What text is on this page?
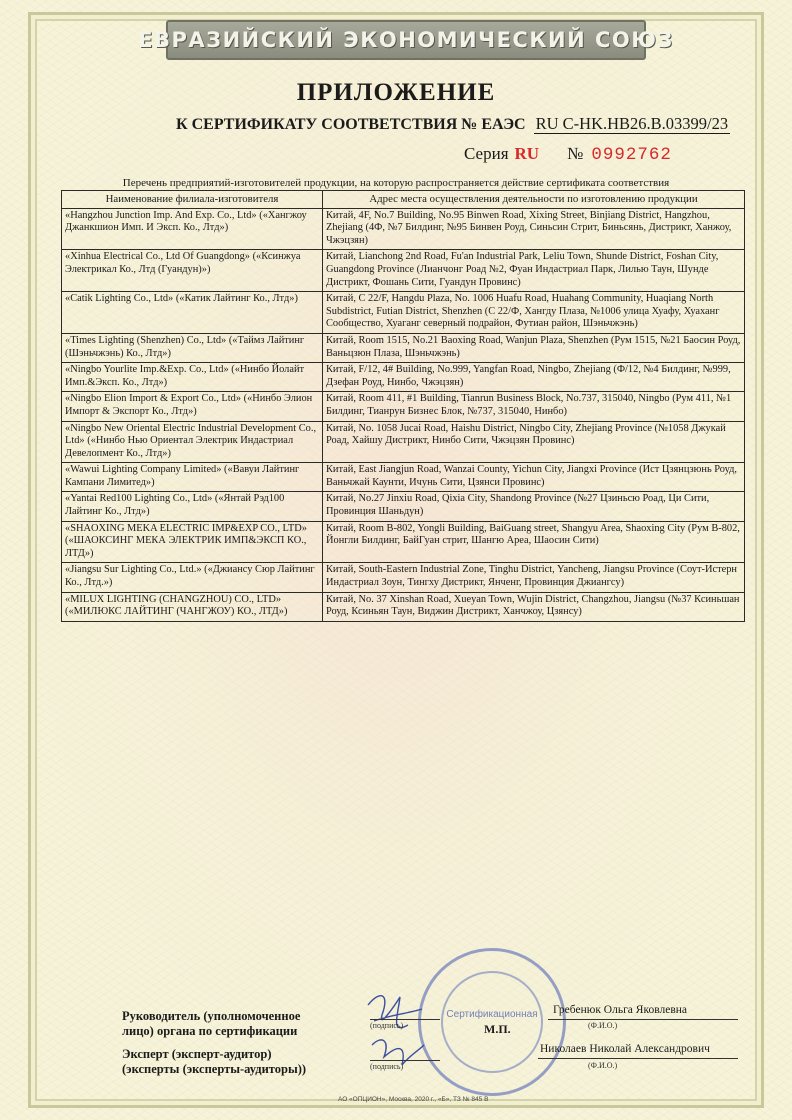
ЕВРАЗИЙСКИЙ ЭКОНОМИЧЕСКИЙ СОЮЗ
ПРИЛОЖЕНИЕ
К СЕРТИФИКАТУ СООТВЕТСТВИЯ № ЕАЭС RU C-HK.HB26.B.03399/23
Серия RU № 0992762
Перечень предприятий-изготовителей продукции, на которую распространяется действие сертификата соответствия
Наименование филиала-изготовителя	Адрес места осуществления деятельности по изготовлению продукции
«Hangzhou Junction Imp. And Exp. Co., Ltd» («Хангжоу Джанкшион Имп. И Эксп. Ко., Лтд»)	Китай, 4F, No.7 Building, No.95 Binwen Road, Xixing Street, Binjiang District, Hangzhou, Zhejiang (4Ф, №7 Билдинг, №95 Бинвен Роуд, Синьсин Стрит, Биньсянь, Дистрикт, Ханжоу, Чжэцзян)
«Xinhua Electrical Co., Ltd Of Guangdong» («Ксинжуа Электрикал Ко., Лтд (Гуандун)»)	Китай, Lianchong 2nd Road, Fu'an Industrial Park, Leliu Town, Shunde District, Foshan City, Guangdong Province (Лианчонг Роад №2, Фуан Индастриал Парк, Лилью Таун, Шунде Дистрикт, Фошань Сити, Гуандун Провинс)
«Catik Lighting Co., Ltd» («Катик Лайтинг Ко., Лтд»)	Китай, C 22/F, Hangdu Plaza, No. 1006 Huafu Road, Huahang Community, Huaqiang North Subdistrict, Futian District, Shenzhen (С 22/Ф, Хангду Плаза, №1006 улица Хуафу, Хуаханг Сообщество, Хуаганг северный подрайон, Футиан район, Шэньчжэнь)
«Times Lighting (Shenzhen) Co., Ltd» («Таймз Лайтинг (Шэньчжэнь) Ко., Лтд»)	Китай, Room 1515, No.21 Baoxing Road, Wanjun Plaza, Shenzhen (Рум 1515, №21 Баосин Роуд, Ваньцзюн Плаза, Шэньчжэнь)
«Ningbo Yourlite Imp.&Exp. Co., Ltd» («Нинбо Йолайт Имп.&Эксп. Ко., Лтд»)	Китай, F/12, 4# Building, No.999, Yangfan Road, Ningbo, Zhejiang (Ф/12, №4 Билдинг, №999, Дзефан Роуд, Нинбо, Чжэцзян)
«Ningbo Elion Import & Export Co., Ltd» («Нинбо Элион Импорт & Экспорт Ко., Лтд»)	Китай, Room 411, #1 Building, Tianrun Business Block, No.737, 315040, Ningbo (Рум 411, №1 Билдинг, Тианрун Бизнес Блок, №737, 315040, Нинбо)
«Ningbo New Oriental Electric Industrial Development Co., Ltd» («Нинбо Нью Ориентал Электрик Индастриал Девелопмент Ко., Лтд»)	Китай, No. 1058 Jucai Road, Haishu District, Ningbo City, Zhejiang Province (№1058 Джукай Роад, Хайшу Дистрикт, Нинбо Сити, Чжэцзян Провинс)
«Wawui Lighting Company Limited» («Вавуи Лайтинг Кампани Лимитед»)	Китай, East Jiangjun Road, Wanzai County, Yichun City, Jiangxi Province (Ист Цзянцзюнь Роуд, Ваньчжай Каунти, Ичунь Сити, Цзянси Провинс)
«Yantai Red100 Lighting Co., Ltd» («Янтай Рэд100 Лайтинг Ко., Лтд»)	Китай, No.27 Jinxiu Road, Qixia City, Shandong Province (№27 Цзиньсю Роад, Ци Сити, Провинция Шаньдун)
«SHAOXING MEKA ELECTRIC IMP&EXP CO., LTD» («ШАОКСИНГ МЕКА ЭЛЕКТРИК ИМП&ЭКСП КО., ЛТД»)	Китай, Room B-802, Yongli Building, BaiGuang street, Shangyu Area, Shaoxing City (Рум В-802, Йонгли Билдинг, БайГуан стрит, Шангю Ареа, Шаосин Сити)
«Jiangsu Sur Lighting Co., Ltd.» («Джиансу Сюр Лайтинг Ко., Лтд.»)	Китай, South-Eastern Industrial Zone, Tinghu District, Yancheng, Jiangsu Province (Соут-Истерн Индастриал Зоун, Тингху Дистрикт, Янченг, Провинция Джиангсу)
«MILUX LIGHTING (CHANGZHOU) CO., LTD» («МИЛЮКС ЛАЙТИНГ (ЧАНГЖОУ) КО., ЛТД»)	Китай, No. 37 Xinshan Road, Xueyan Town, Wujin District, Changzhou, Jiangsu (№37 Ксиньшан Роуд, Ксиньян Таун, Виджин Дистрикт, Ханчжоу, Цзянсу)
Сертификационная
Руководитель (уполномоченное
лицо) органа по сертификации
Эксперт (эксперт-аудитор)
(эксперты (эксперты-аудиторы))
(подпись)
(подпись)
М.П.
Гребенюк Ольга Яковлевна
(Ф.И.О.)
Николаев Николай Александрович
(Ф.И.О.)
АО «ОПЦИОН», Москва, 2020 г., «Б», ТЗ № 845 В
